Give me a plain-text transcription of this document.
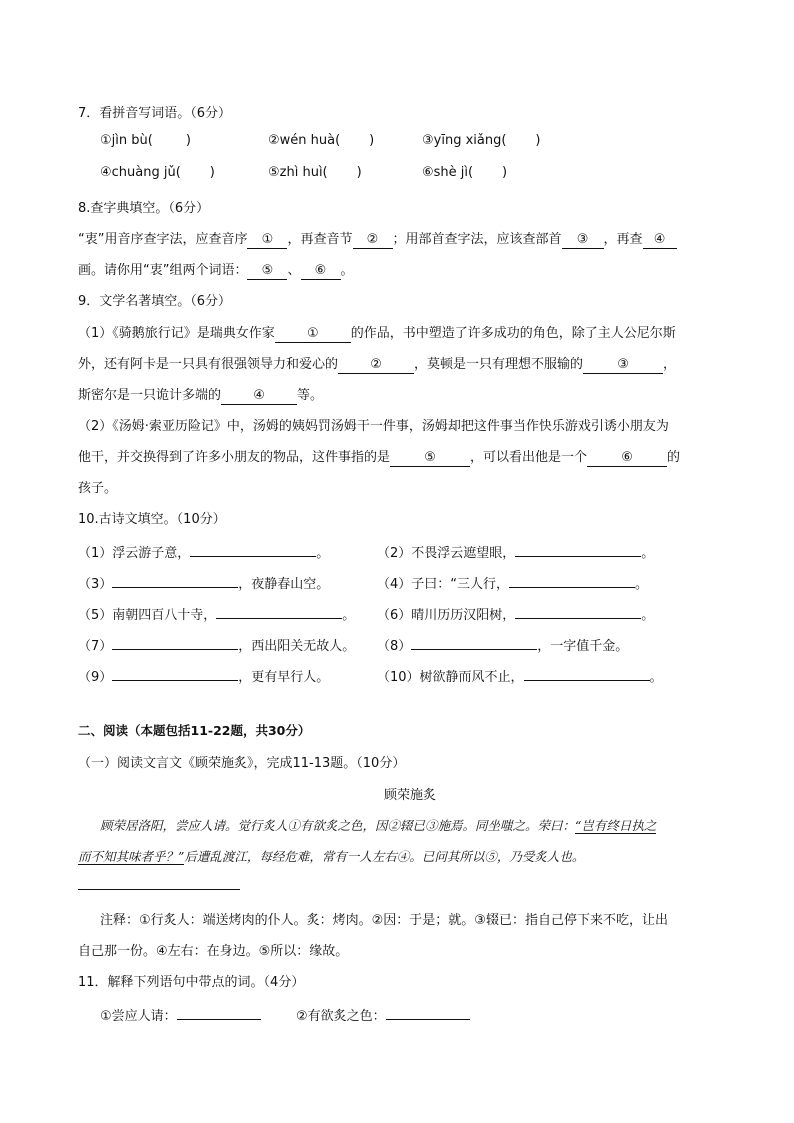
7．看拼音写词语。（6分）
①jìn bù(	)	②wén huà( )	③yīng xiǎng( )
④chuàng jǔ( )	⑤zhì huì( )	⑥shè jì( )
8.查字典填空。（6分）
“衷”用音序查字法，应查音序 ① ，再查音节 ② ；用部首查字法，应该查部首 ③ ，再查 ④
画。请你用“衷”组两个词语： ⑤ 、 ⑥ 。
9．文学名著填空。（6分）
（1）《骑鹅旅行记》是瑞典女作家 ① 的作品，书中塑造了许多成功的角色，除了主人公尼尔斯
外，还有阿卡是一只具有很强领导力和爱心的 ② ，莫顿是一只有理想不服输的	③	，
斯密尔是一只诡计多端的 ④ 等。
（2）《汤姆·索亚历险记》中，汤姆的姨妈罚汤姆干一件事，汤姆却把这件事当作快乐游戏引诱小朋友为
他干，并交换得到了许多小朋友的物品，这件事指的是	⑤	，可以看出他是一个	⑥	的
孩子。
10.古诗文填空。（10分）
（1）浮云游子意，	。	（2）不畏浮云遮望眼，	。
（3）	，夜静春山空。	（4）子曰：“三人行，	。
（5）南朝四百八十寺，	。 （6）晴川历历汉阳树，	。
（7）	，西出阳关无故人。 （8）	，一字值千金。
（9）	，更有早行人。	（10）树欲静而风不止，	。
二、阅读（本题包括11-22题，共30分）
（一）阅读文言文《顾荣施炙》，完成11-13题。（10分）
顾荣施炙
顾荣居洛阳，尝应人请。觉行炙人①有欲炙之色，因②辍已③施焉。同坐嗤之。荣曰：“岂有终日执之
而不知其味者乎？”后遭乱渡江，每经危难，常有一人左右④。已问其所以⑤，乃受炙人也。
注释：①行炙人：端送烤肉的仆人。炙：烤肉。②因：于是；就。③辍已：指自己停下来不吃，让出
自己那一份。④左右：在身边。⑤所以：缘故。
11．解释下列语句中带点的词。（4分）
①尝应人请：	②有欲炙之色：
